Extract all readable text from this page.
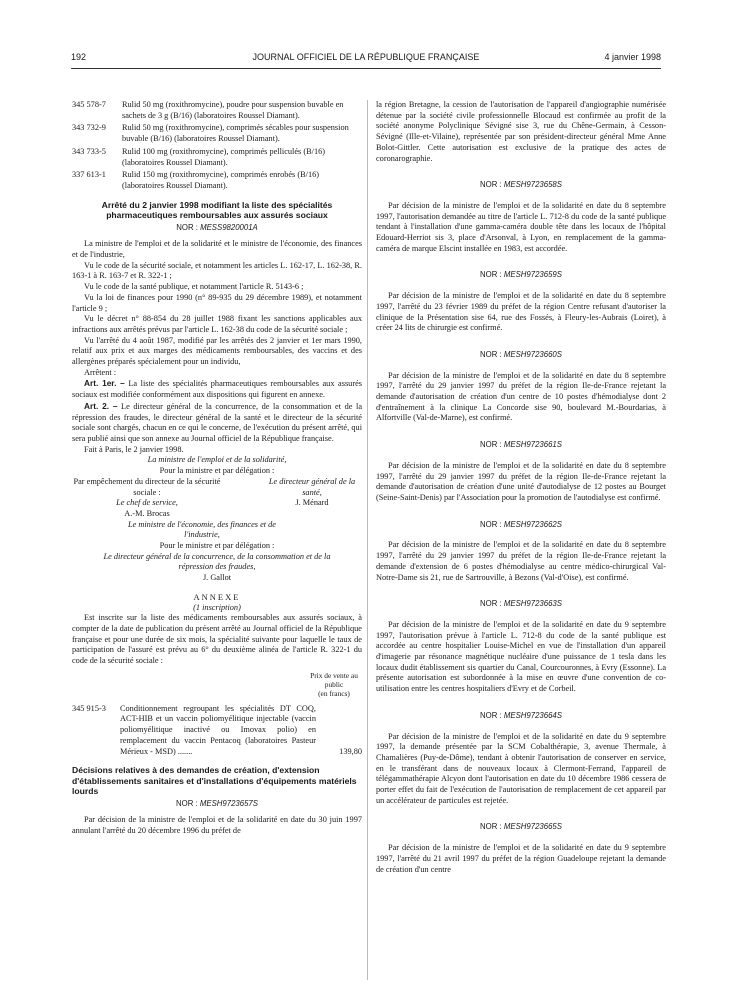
192	JOURNAL OFFICIEL DE LA RÉPUBLIQUE FRANÇAISE	4 janvier 1998
345 578-7	Rulid 50 mg (roxithromycine), poudre pour suspension buvable en sachets de 3 g (B/16) (laboratoires Roussel Diamant).
343 732-9	Rulid 50 mg (roxithromycine), comprimés sécables pour suspension buvable (B/16) (laboratoires Roussel Diamant).
343 733-5	Rulid 100 mg (roxithromycine), comprimés pelliculés (B/16) (laboratoires Roussel Diamant).
337 613-1	Rulid 150 mg (roxithromycine), comprimés enrobés (B/16) (laboratoires Roussel Diamant).
Arrêté du 2 janvier 1998 modifiant la liste des spécialités pharmaceutiques remboursables aux assurés sociaux
NOR : MESS9820001A

La ministre de l'emploi et de la solidarité et le ministre de l'économie, des finances et de l'industrie,

Vu le code de la sécurité sociale, et notamment les articles L. 162-17, L. 162-38, R. 163-1 à R. 163-7 et R. 322-1 ;

Vu le code de la santé publique, et notamment l'article R. 5143-6 ;

Vu la loi de finances pour 1990 (n° 89-935 du 29 décembre 1989), et notamment l'article 9 ;

Vu le décret n° 88-854 du 28 juillet 1988 fixant les sanctions applicables aux infractions aux arrêtés prévus par l'article L. 162-38 du code de la sécurité sociale ;

Vu l'arrêté du 4 août 1987, modifié par les arrêtés des 2 janvier et 1er mars 1990, relatif aux prix et aux marges des médicaments remboursables, des vaccins et des allergènes préparés spécialement pour un individu,

Arrêtent :

Art. 1er. – La liste des spécialités pharmaceutiques remboursables aux assurés sociaux est modifiée conformément aux dispositions qui figurent en annexe.

Art. 2. – Le directeur général de la concurrence, de la consommation et de la répression des fraudes, le directeur général de la santé et le directeur de la sécurité sociale sont chargés, chacun en ce qui le concerne, de l'exécution du présent arrêté, qui sera publié ainsi que son annexe au Journal officiel de la République française.

Fait à Paris, le 2 janvier 1998.

La ministre de l'emploi et de la solidarité,

Pour la ministre et par délégation :

Par empêchement du directeur de la sécurité sociale :

Le chef de service,

A.-M. Brocas

Le directeur général de la santé,

J. Ménard

Le ministre de l'économie, des finances et de l'industrie,

Pour le ministre et par délégation :

Le directeur général de la concurrence, de la consommation et de la répression des fraudes,

J. Gallot

ANNEXE

(1 inscription)

Est inscrite sur la liste des médicaments remboursables aux assurés sociaux, à compter de la date de publication du présent arrêté au Journal officiel de la République française et pour une durée de six mois, la spécialité suivante pour laquelle le taux de participation de l'assuré est prévu au 6° du deuxième alinéa de l'article R. 322-1 du code de la sécurité sociale :

Prix de vente au public
(en francs)
345 915-3	Conditionnement regroupant les spécialités DT COQ, ACT-HIB et un vaccin poliomyélitique injectable (vaccin poliomyélitique inactivé ou Imovax polio) en remplacement du vaccin Pentacoq (laboratoires Pasteur Mérieux - MSD) .......	139,80
Décisions relatives à des demandes de création, d'extension d'établissements sanitaires et d'installations d'équipements matériels lourds
NOR : MESH9723657S

Par décision de la ministre de l'emploi et de la solidarité en date du 30 juin 1997 annulant l'arrêté du 20 décembre 1996 du préfet de

la région Bretagne, la cession de l'autorisation de l'appareil d'angiographie numérisée détenue par la société civile professionnelle Blocaud est confirmée au profit de la société anonyme Polyclinique Sévigné sise 3, rue du Chêne-Germain, à Cesson-Sévigné (Ille-et-Vilaine), représentée par son président-directeur général Mme Anne Bolot-Gittler. Cette autorisation est exclusive de la pratique des actes de coronarographie.

NOR : MESH9723658S

Par décision de la ministre de l'emploi et de la solidarité en date du 8 septembre 1997, l'autorisation demandée au titre de l'article L. 712-8 du code de la santé publique tendant à l'installation d'une gamma-caméra double tête dans les locaux de l'hôpital Edouard-Herriot sis 3, place d'Arsonval, à Lyon, en remplacement de la gamma-caméra de marque Elscint installée en 1983, est accordée.

NOR : MESH9723659S

Par décision de la ministre de l'emploi et de la solidarité en date du 8 septembre 1997, l'arrêté du 23 février 1989 du préfet de la région Centre refusant d'autoriser la clinique de la Présentation sise 64, rue des Fossés, à Fleury-les-Aubrais (Loiret), à créer 24 lits de chirurgie est confirmé.

NOR : MESH9723660S

Par décision de la ministre de l'emploi et de la solidarité en date du 8 septembre 1997, l'arrêté du 29 janvier 1997 du préfet de la région Ile-de-France rejetant la demande d'autorisation de création d'un centre de 10 postes d'hémodialyse dont 2 d'entraînement à la clinique La Concorde sise 90, boulevard M.-Bourdarias, à Alfortville (Val-de-Marne), est confirmé.

NOR : MESH9723661S

Par décision de la ministre de l'emploi et de la solidarité en date du 8 septembre 1997, l'arrêté du 29 janvier 1997 du préfet de la région Ile-de-France rejetant la demande d'autorisation de création d'une unité d'autodialyse de 12 postes au Bourget (Seine-Saint-Denis) par l'Association pour la promotion de l'autodialyse est confirmé.

NOR : MESH9723662S

Par décision de la ministre de l'emploi et de la solidarité en date du 8 septembre 1997, l'arrêté du 29 janvier 1997 du préfet de la région Ile-de-France rejetant la demande d'extension de 6 postes d'hémodialyse au centre médico-chirurgical Val-Notre-Dame sis 21, rue de Sartrouville, à Bezons (Val-d'Oise), est confirmé.

NOR : MESH9723663S

Par décision de la ministre de l'emploi et de la solidarité en date du 9 septembre 1997, l'autorisation prévue à l'article L. 712-8 du code de la santé publique est accordée au centre hospitalier Louise-Michel en vue de l'installation d'un appareil d'imagerie par résonance magnétique nucléaire d'une puissance de 1 tesla dans les locaux dudit établissement sis quartier du Canal, Courcouronnes, à Evry (Essonne). La présente autorisation est subordonnée à la mise en œuvre d'une convention de co-utilisation entre les centres hospitaliers d'Evry et de Corbeil.

NOR : MESH9723664S

Par décision de la ministre de l'emploi et de la solidarité en date du 9 septembre 1997, la demande présentée par la SCM Cobalthérapie, 3, avenue Thermale, à Chamalières (Puy-de-Dôme), tendant à obtenir l'autorisation de conserver en service, en le transférant dans de nouveaux locaux à Clermont-Ferrand, l'appareil de télégammathérapie Alcyon dont l'autorisation en date du 10 décembre 1986 cessera de porter effet du fait de l'exécution de l'autorisation de remplacement de cet appareil par un accélérateur de particules est rejetée.

NOR : MESH9723665S

Par décision de la ministre de l'emploi et de la solidarité en date du 9 septembre 1997, l'arrêté du 21 avril 1997 du préfet de la région Guadeloupe rejetant la demande de création d'un centre
